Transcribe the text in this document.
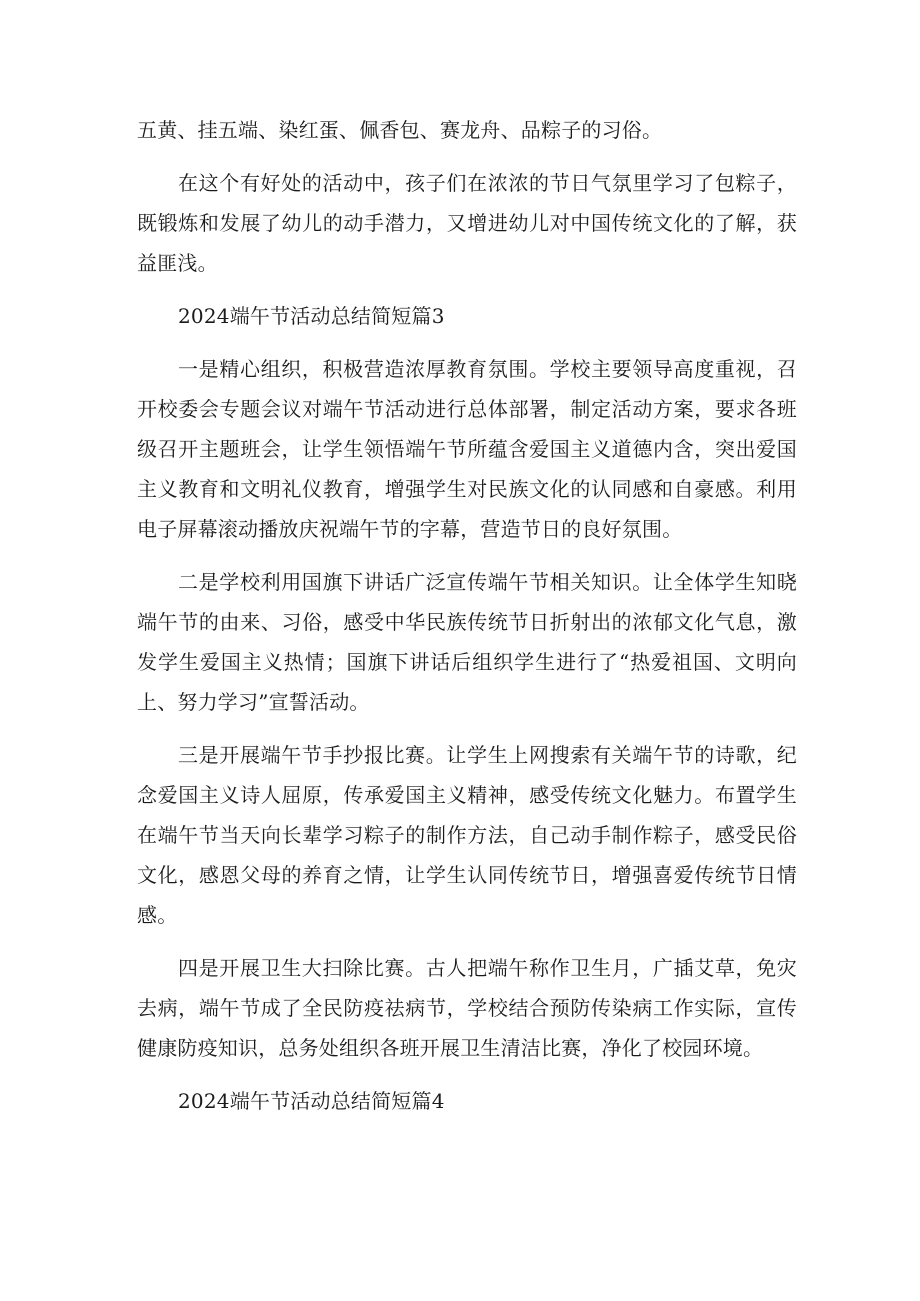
五黄、挂五端、染红蛋、佩香包、赛龙舟、品粽子的习俗。

在这个有好处的活动中，孩子们在浓浓的节日气氛里学习了包粽子，既锻炼和发展了幼儿的动手潜力，又增进幼儿对中国传统文化的了解，获益匪浅。

2024端午节活动总结简短篇3

一是精心组织，积极营造浓厚教育氛围。学校主要领导高度重视，召开校委会专题会议对端午节活动进行总体部署，制定活动方案，要求各班级召开主题班会，让学生领悟端午节所蕴含爱国主义道德内含，突出爱国主义教育和文明礼仪教育，增强学生对民族文化的认同感和自豪感。利用电子屏幕滚动播放庆祝端午节的字幕，营造节日的良好氛围。

二是学校利用国旗下讲话广泛宣传端午节相关知识。让全体学生知晓端午节的由来、习俗，感受中华民族传统节日折射出的浓郁文化气息，激发学生爱国主义热情；国旗下讲话后组织学生进行了“热爱祖国、文明向上、努力学习”宣誓活动。

三是开展端午节手抄报比赛。让学生上网搜索有关端午节的诗歌，纪念爱国主义诗人屈原，传承爱国主义精神，感受传统文化魅力。布置学生在端午节当天向长辈学习粽子的制作方法，自己动手制作粽子，感受民俗文化，感恩父母的养育之情，让学生认同传统节日，增强喜爱传统节日情感。

四是开展卫生大扫除比赛。古人把端午称作卫生月，广插艾草，免灾去病，端午节成了全民防疫祛病节，学校结合预防传染病工作实际，宣传健康防疫知识，总务处组织各班开展卫生清洁比赛，净化了校园环境。

2024端午节活动总结简短篇4
